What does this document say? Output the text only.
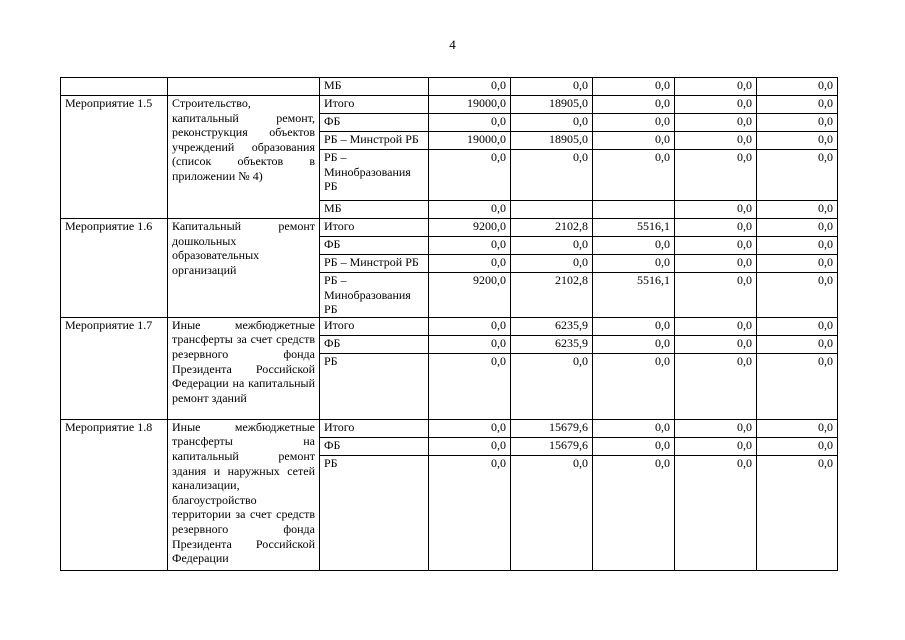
4
		МБ	0,0	0,0	0,0	0,0	0,0
Мероприятие 1.5	Строительство, капитальный ремонт, реконструкция объектов учреждений образования (список объектов в приложении № 4)	Итого	19000,0	18905,0	0,0	0,0	0,0
		ФБ	0,0	0,0	0,0	0,0	0,0
		РБ – Минстрой РБ	19000,0	18905,0	0,0	0,0	0,0
		РБ – Минобразования РБ	0,0	0,0	0,0	0,0	0,0
		МБ	0,0			0,0	0,0
Мероприятие 1.6	Капитальный ремонт дошкольных образовательных организаций	Итого	9200,0	2102,8	5516,1	0,0	0,0
		ФБ	0,0	0,0	0,0	0,0	0,0
		РБ – Минстрой РБ	0,0	0,0	0,0	0,0	0,0
		РБ – Минобразования РБ	9200,0	2102,8	5516,1	0,0	0,0
Мероприятие 1.7	Иные межбюджетные трансферты за счет средств резервного фонда Президента Российской Федерации на капитальный ремонт зданий	Итого	0,0	6235,9	0,0	0,0	0,0
		ФБ	0,0	6235,9	0,0	0,0	0,0
		РБ	0,0	0,0	0,0	0,0	0,0
Мероприятие 1.8	Иные межбюджетные трансферты на капитальный ремонт здания и наружных сетей канализации, благоустройство территории за счет средств резервного фонда Президента Российской Федерации	Итого	0,0	15679,6	0,0	0,0	0,0
		ФБ	0,0	15679,6	0,0	0,0	0,0
		РБ	0,0	0,0	0,0	0,0	0,0
